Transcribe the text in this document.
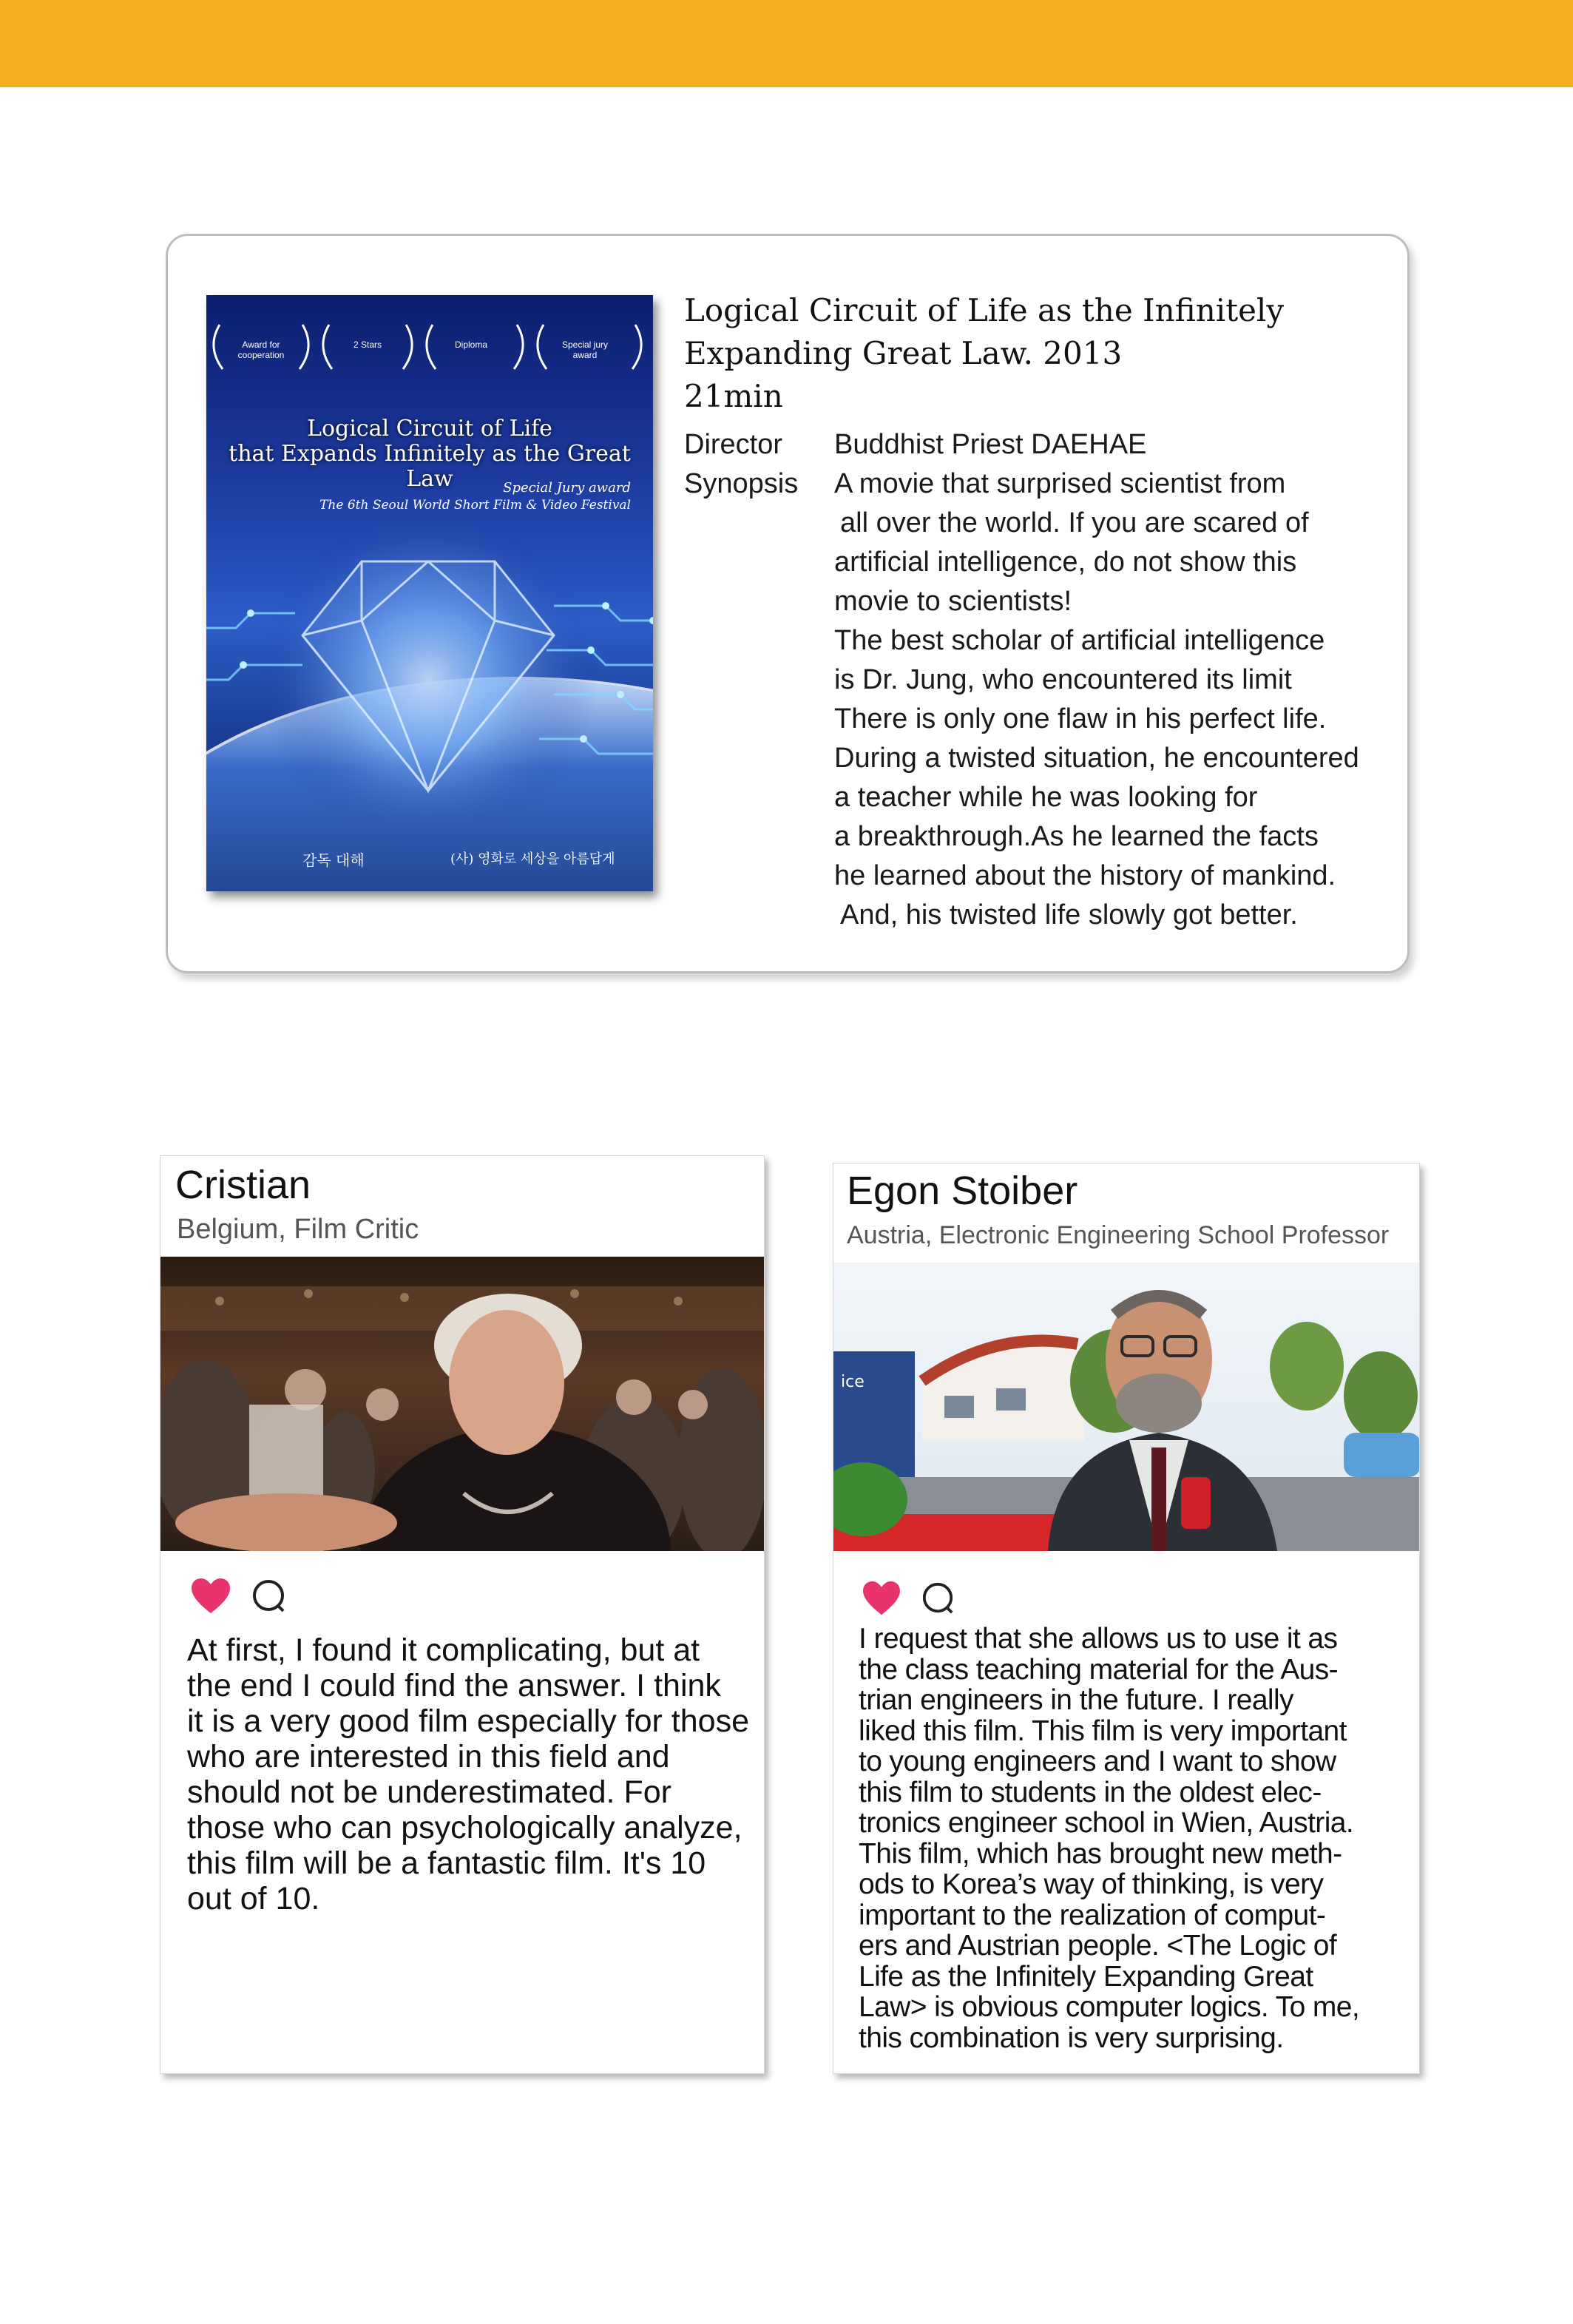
Award for cooperation
2 Stars	Diploma	Special jury award
Logical Circuit of Life
that Expands Infinitely as the Great Law	Special Jury award
The 6th Seoul World Short Film & Video Festival
감독 대해	(사) 영화로 세상을 아름답게
Logical Circuit of Life as the Infinitely
Expanding Great Law. 2013
21min
Director	Buddhist Priest DAEHAE
Synopsis	A movie that surprised scientist from
all over the world. If you are scared of
artificial intelligence, do not show this
movie to scientists!
The best scholar of artificial intelligence
is Dr. Jung, who encountered its limit
There is only one flaw in his perfect life.
During a twisted situation, he encountered
a teacher while he was looking for
a breakthrough.As he learned the facts
he learned about the history of mankind.
And, his twisted life slowly got better.
Cristian
Belgium, Film Critic
At first, I found it complicating, but at
the end I could find the answer. I think
it is a very good film especially for those
who are interested in this field and
should not be underestimated. For
those who can psychologically analyze,
this film will be a fantastic film. It's 10
out of 10.
Egon Stoiber
Austria, Electronic Engineering School Professor
ice
I request that she allows us to use it as
the class teaching material for the Aus-
trian engineers in the future. I really
liked this film. This film is very important
to young engineers and I want to show
this film to students in the oldest elec-
tronics engineer school in Wien, Austria.
This film, which has brought new meth-
ods to Korea’s way of thinking, is very
important to the realization of comput-
ers and Austrian people. <The Logic of
Life as the Infinitely Expanding Great
Law> is obvious computer logics. To me,
this combination is very surprising.
